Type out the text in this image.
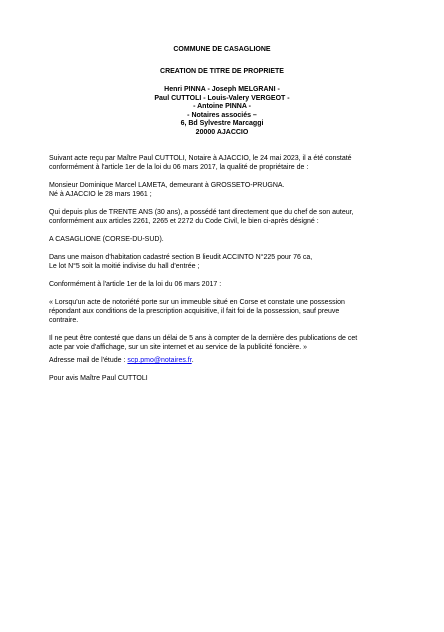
COMMUNE DE CASAGLIONE
CREATION DE TITRE DE PROPRIETE
Henri PINNA - Joseph MELGRANI -
Paul CUTTOLI - Louis-Valery VERGEOT -
- Antoine PINNA -
- Notaires associés –
6, Bd Sylvestre Marcaggi
20000 AJACCIO
Suivant acte reçu par Maître Paul CUTTOLI, Notaire à AJACCIO, le 24 mai 2023, il a été constaté
conformément à l'article 1er de la loi du 06 mars 2017, la qualité de propriétaire de :
Monsieur Dominique Marcel LAMETA, demeurant à GROSSETO-PRUGNA.
Né à AJACCIO le 28 mars 1961 ;
Qui depuis plus de TRENTE ANS (30 ans), a possédé tant directement que du chef de son auteur,
conformément aux articles 2261, 2265 et 2272 du Code Civil, le bien ci-après désigné :
A CASAGLIONE (CORSE-DU-SUD).
Dans une maison d'habitation cadastré section B lieudit ACCINTO N°225 pour 76 ca,
Le lot N°5 soit la moitié indivise du hall d'entrée ;
Conformément à l'article 1er de la loi du 06 mars 2017 :
« Lorsqu'un acte de notoriété porte sur un immeuble situé en Corse et constate une possession
répondant aux conditions de la prescription acquisitive, il fait foi de la possession, sauf preuve
contraire.
Il ne peut être contesté que dans un délai de 5 ans à compter de la dernière des publications de cet
acte par voie d'affichage, sur un site internet et au service de la publicité foncière. »
Adresse mail de l'étude : scp.pmo@notaires.fr.
Pour avis Maître Paul CUTTOLI
